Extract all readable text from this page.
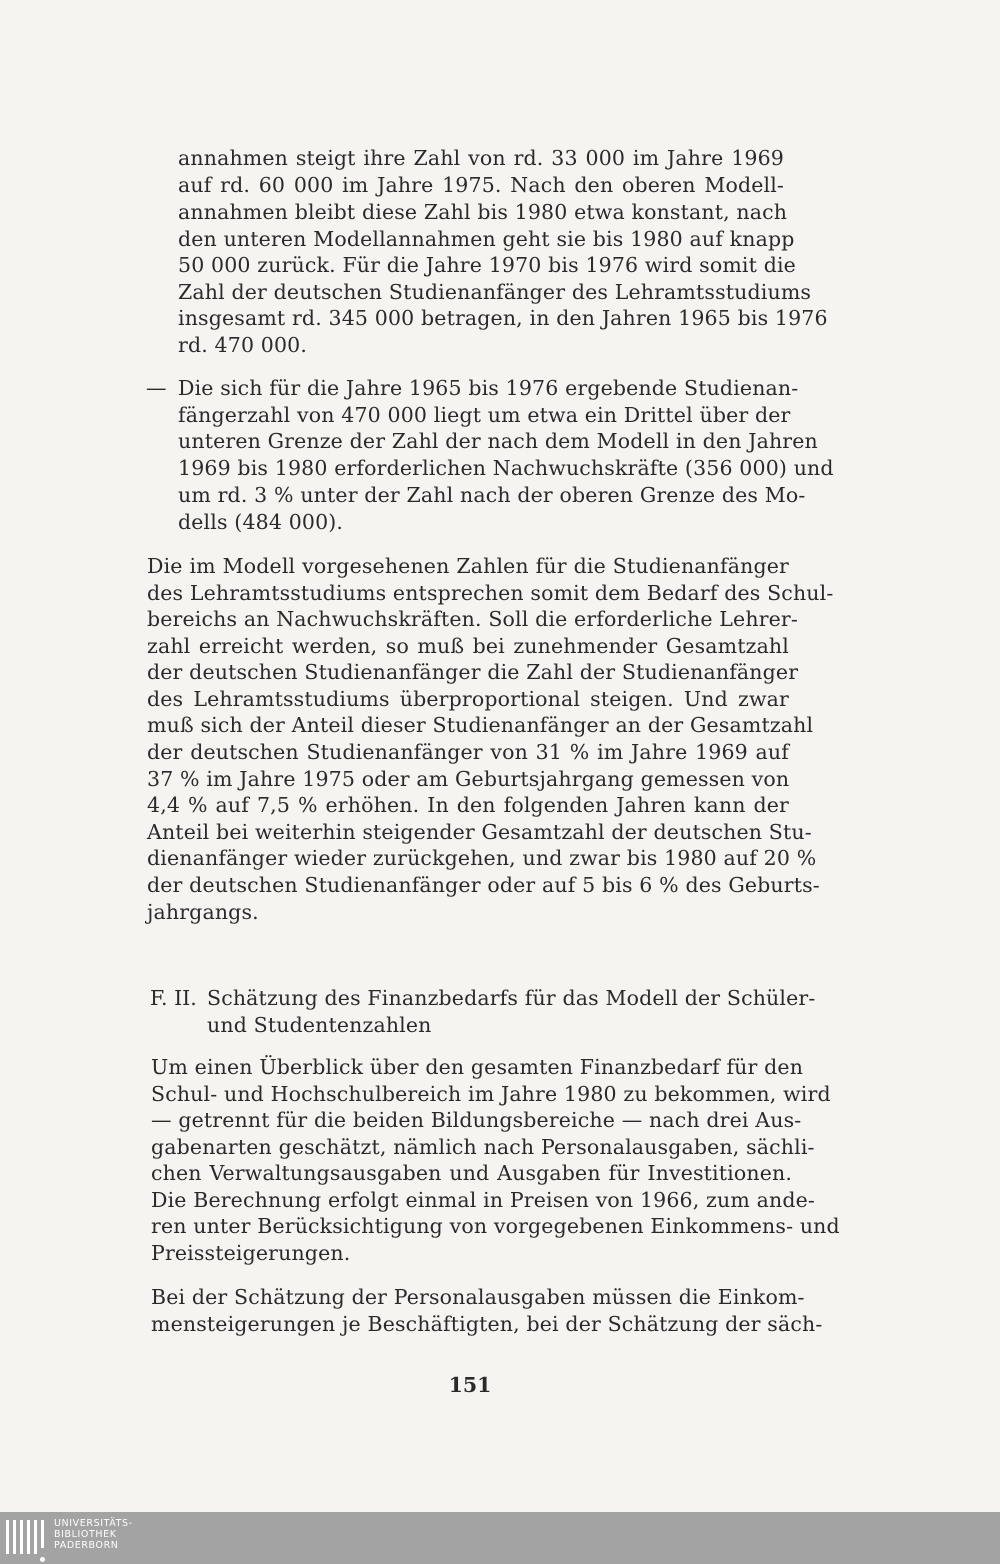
annahmen steigt ihre Zahl von rd. 33 000 im Jahre 1969
auf rd. 60 000 im Jahre 1975. Nach den oberen Modell-
annahmen bleibt diese Zahl bis 1980 etwa konstant, nach
den unteren Modellannahmen geht sie bis 1980 auf knapp
50 000 zurück. Für die Jahre 1970 bis 1976 wird somit die
Zahl der deutschen Studienanfänger des Lehramtsstudiums
insgesamt rd. 345 000 betragen, in den Jahren 1965 bis 1976
rd. 470 000.
— Die sich für die Jahre 1965 bis 1976 ergebende Studienan-
fängerzahl von 470 000 liegt um etwa ein Drittel über der
unteren Grenze der Zahl der nach dem Modell in den Jahren
1969 bis 1980 erforderlichen Nachwuchskräfte (356 000) und
um rd. 3 % unter der Zahl nach der oberen Grenze des Mo-
dells (484 000).
Die im Modell vorgesehenen Zahlen für die Studienanfänger
des Lehramtsstudiums entsprechen somit dem Bedarf des Schul-
bereichs an Nachwuchskräften. Soll die erforderliche Lehrer-
zahl erreicht werden, so muß bei zunehmender Gesamtzahl
der deutschen Studienanfänger die Zahl der Studienanfänger
des Lehramtsstudiums überproportional steigen. Und zwar
muß sich der Anteil dieser Studienanfänger an der Gesamtzahl
der deutschen Studienanfänger von 31 % im Jahre 1969 auf
37 % im Jahre 1975 oder am Geburtsjahrgang gemessen von
4,4 % auf 7,5 % erhöhen. In den folgenden Jahren kann der
Anteil bei weiterhin steigender Gesamtzahl der deutschen Stu-
dienanfänger wieder zurückgehen, und zwar bis 1980 auf 20 %
der deutschen Studienanfänger oder auf 5 bis 6 % des Geburts-
jahrgangs.
F. II. Schätzung des Finanzbedarfs für das Modell der Schüler-
und Studentenzahlen
Um einen Überblick über den gesamten Finanzbedarf für den
Schul- und Hochschulbereich im Jahre 1980 zu bekommen, wird
— getrennt für die beiden Bildungsbereiche — nach drei Aus-
gabenarten geschätzt, nämlich nach Personalausgaben, sächli-
chen Verwaltungsausgaben und Ausgaben für Investitionen.
Die Berechnung erfolgt einmal in Preisen von 1966, zum ande-
ren unter Berücksichtigung von vorgegebenen Einkommens- und
Preissteigerungen.
Bei der Schätzung der Personalausgaben müssen die Einkom-
mensteigerungen je Beschäftigten, bei der Schätzung der säch-
151
UNIVERSITÄTS-
BIBLIOTHEK
PADERBORN
